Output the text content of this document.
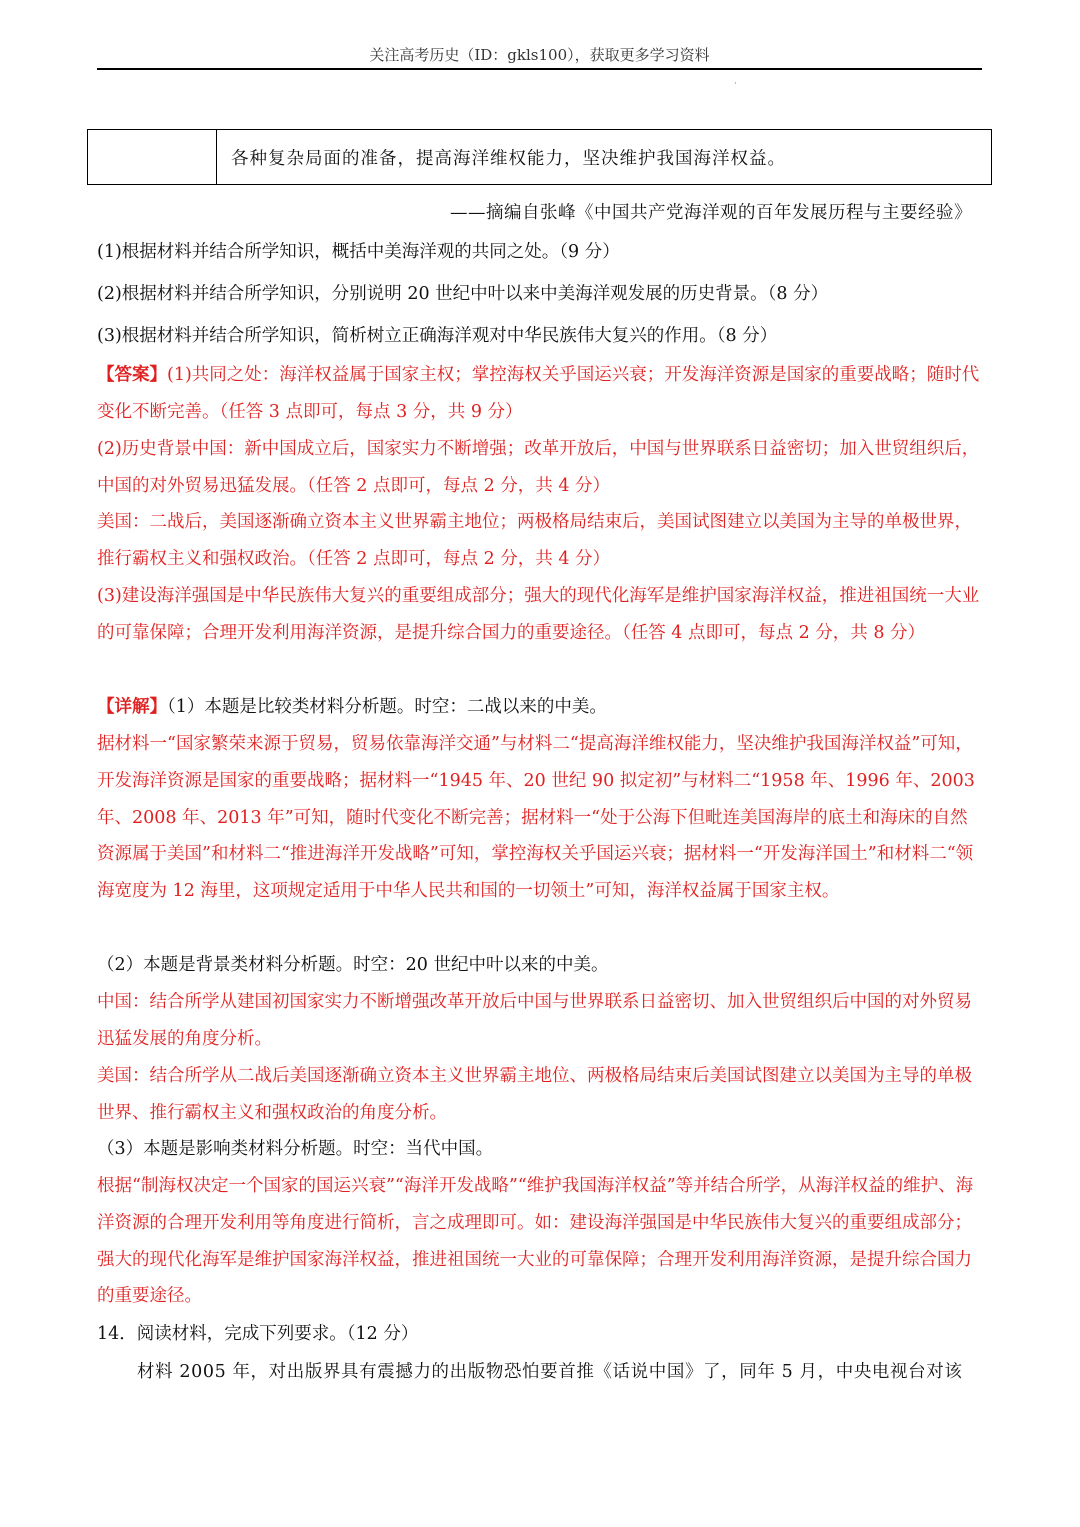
关注高考历史（ID：gkls100），获取更多学习资料
ˈ
各种复杂局面的准备，提高海洋维权能力，坚决维护我国海洋权益。
——摘编自张峰《中国共产党海洋观的百年发展历程与主要经验》

(1)根据材料并结合所学知识，概括中美海洋观的共同之处。（9 分）

(2)根据材料并结合所学知识，分别说明 20 世纪中叶以来中美海洋观发展的历史背景。（8 分）

(3)根据材料并结合所学知识，简析树立正确海洋观对中华民族伟大复兴的作用。（8 分）

【答案】(1)共同之处：海洋权益属于国家主权；掌控海权关乎国运兴衰；开发海洋资源是国家的重要战略；随时代变化不断完善。（任答 3 点即可，每点 3 分，共 9 分）

(2)历史背景中国：新中国成立后，国家实力不断增强；改革开放后，中国与世界联系日益密切；加入世贸组织后，中国的对外贸易迅猛发展。（任答 2 点即可，每点 2 分，共 4 分）

美国：二战后，美国逐渐确立资本主义世界霸主地位；两极格局结束后，美国试图建立以美国为主导的单极世界，推行霸权主义和强权政治。（任答 2 点即可，每点 2 分，共 4 分）

(3)建设海洋强国是中华民族伟大复兴的重要组成部分；强大的现代化海军是维护国家海洋权益，推进祖国统一大业的可靠保障；合理开发利用海洋资源，是提升综合国力的重要途径。（任答 4 点即可，每点 2 分，共 8 分）

【详解】（1）本题是比较类材料分析题。时空：二战以来的中美。

据材料一“国家繁荣来源于贸易，贸易依靠海洋交通”与材料二“提高海洋维权能力，坚决维护我国海洋权益”可知，开发海洋资源是国家的重要战略；据材料一“1945 年、20 世纪 90 拟定初”与材料二“1958 年、1996 年、2003 年、2008 年、2013 年”可知，随时代变化不断完善；据材料一“处于公海下但毗连美国海岸的底土和海床的自然资源属于美国”和材料二“推进海洋开发战略”可知，掌控海权关乎国运兴衰；据材料一“开发海洋国土”和材料二“领海宽度为 12 海里，这项规定适用于中华人民共和国的一切领土”可知，海洋权益属于国家主权。

（2）本题是背景类材料分析题。时空：20 世纪中叶以来的中美。

中国：结合所学从建国初国家实力不断增强改革开放后中国与世界联系日益密切、加入世贸组织后中国的对外贸易迅猛发展的角度分析。

美国：结合所学从二战后美国逐渐确立资本主义世界霸主地位、两极格局结束后美国试图建立以美国为主导的单极世界、推行霸权主义和强权政治的角度分析。

（3）本题是影响类材料分析题。时空：当代中国。

根据“制海权决定一个国家的国运兴衰”“海洋开发战略”“维护我国海洋权益”等并结合所学，从海洋权益的维护、海洋资源的合理开发利用等角度进行简析，言之成理即可。如：建设海洋强国是中华民族伟大复兴的重要组成部分；强大的现代化海军是维护国家海洋权益，推进祖国统一大业的可靠保障；合理开发利用海洋资源，是提升综合国力的重要途径。

14．阅读材料，完成下列要求。（12 分）

材料 2005 年，对出版界具有震撼力的出版物恐怕要首推《话说中国》了，同年 5 月，中央电视台对该
